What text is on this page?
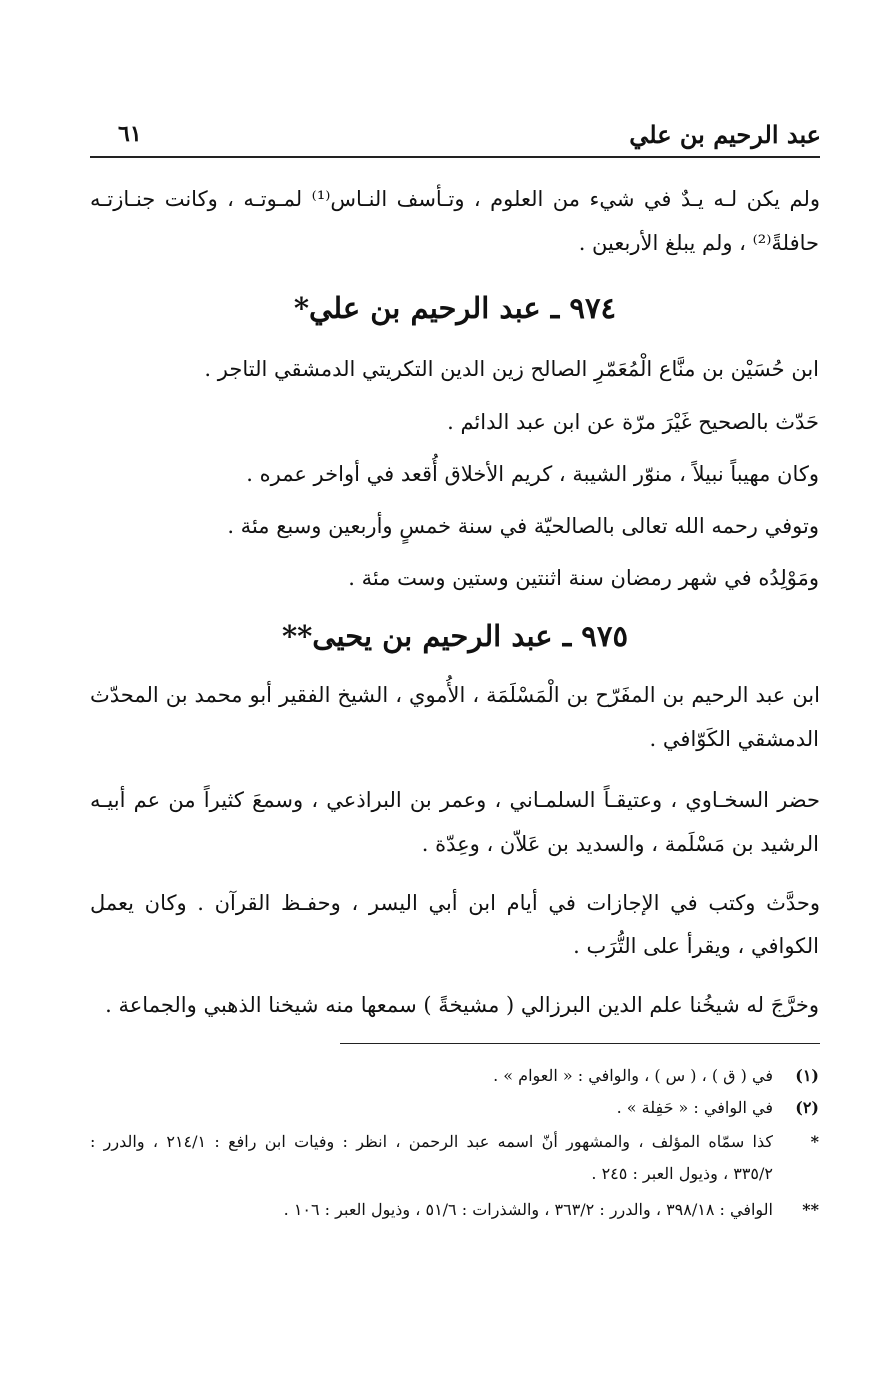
عبد الرحيم بن علي
٦١
ولم يكن لـه يـدٌ في شيء من العلوم ، وتـأسف النـاس⁽¹⁾ لمـوتـه ، وكانت جنـازتـه
حافلةً⁽²⁾ ، ولم يبلغ الأربعين .
٩٧٤ ـ عبد الرحيم بن علي*
ابن حُسَيْن بن منَّاع الْمُعَمّرِ الصالح زين الدين التكريتي الدمشقي التاجر .
حَدّث بالصحيح غَيْرَ مرّة عن ابن عبد الدائم .
وكان مهيباً نبيلاً ، منوّر الشيبة ، كريم الأخلاق أُقعد في أواخر عمره .
وتوفي رحمه الله تعالى بالصالحيّة في سنة خمسٍ وأربعين وسبع مئة .
ومَوْلِدُه في شهر رمضان سنة اثنتين وستين وست مئة .
٩٧٥ ـ عبد الرحيم بن يحيى**
ابن عبد الرحيم بن المفَرّح بن الْمَسْلَمَة ، الأُموي ، الشيخ الفقير أبو محمد بن المحدّث
الدمشقي الكَوّافي .
حضر السخـاوي ، وعتيقـاً السلمـاني ، وعمر بن البراذعي ، وسمعَ كثيراً من عم أبيـه
الرشيد بن مَسْلَمة ، والسديد بن عَلاّن ، وعِدّة .
وحدَّث وكتب في الإجازات في أيام ابن أبي اليسر ، وحفـظ القرآن . وكان يعمل
الكوافي ، ويقرأ على التُّرَب .
وخرَّجَ له شيخُنا علم الدين البرزالي ( مشيخةً ) سمعها منه شيخنا الذهبي والجماعة .
(١)
في ( ق ) ، ( س ) ، والوافي : « العوام » .
(٢)
في الوافي : « حَفِلة » .
*
كذا سمّاه المؤلف ، والمشهور أنّ اسمه عبد الرحمن ، انظر : وفيات ابن رافع : ٢١٤/١ ، والدرر :
٣٣٥/٢ ، وذيول العبر : ٢٤٥ .
**
الوافي : ٣٩٨/١٨ ، والدرر : ٣٦٣/٢ ، والشذرات : ٥١/٦ ، وذيول العبر : ١٠٦ .
